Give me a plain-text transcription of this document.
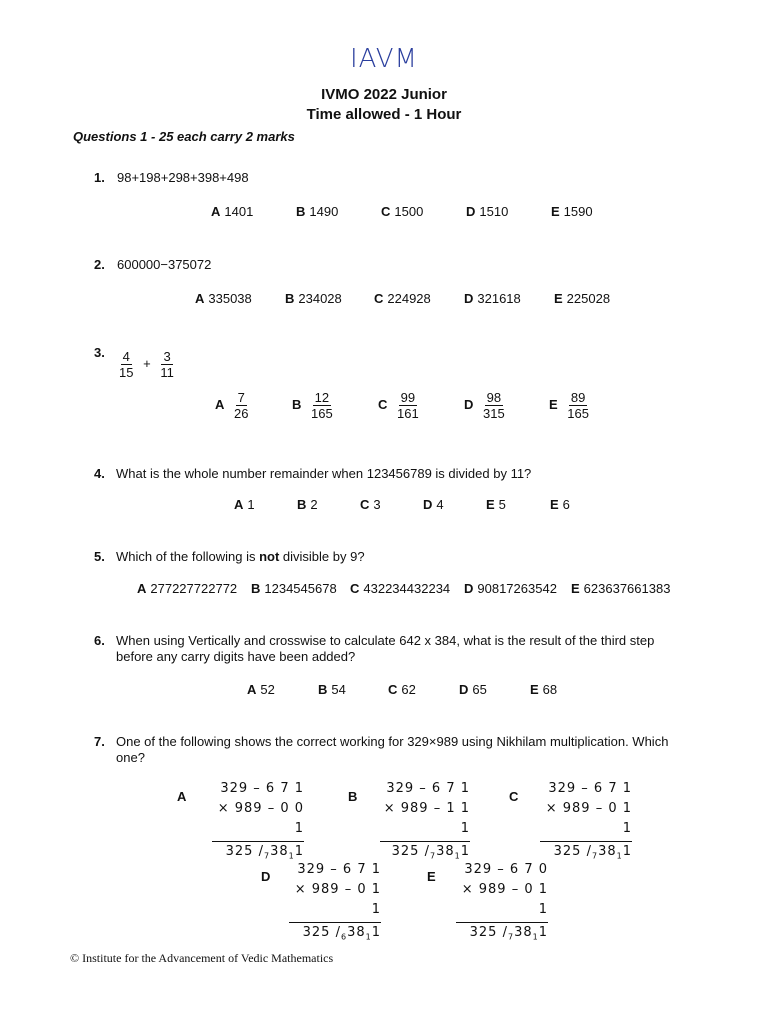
IAVM
IVMO 2022 Junior
Time allowed - 1 Hour
Questions 1 - 25 each carry 2 marks
1. 98+198+298+398+498
A 1401	B 1490	C 1500	D 1510	E 1590
2. 600000−375072
A 335038	B 234028 C 224928	D 321618	E 225028
3. $\frac{4}{15} + \frac{3}{11}$
A $\frac{7}{26}$	B $\frac{12}{165}$	C $\frac{99}{161}$	D $\frac{98}{315}$	E $\frac{89}{165}$
4. What is the whole number remainder when 123456789 is divided by 11?
A 1	B 2	C 3	D 4	E 5	E 6
5. Which of the following is not divisible by 9?
A 277227722772 B 1234545678 C 432234432234 D 90817263542 E 623637661383
6. When using Vertically and crosswise to calculate 642 x 384, what is the result of the third step
before any carry digits have been added?
A 52	B 54	C 62	D 65	E 68
7. One of the following shows the correct working for 329×989 using Nikhilam multiplication. Which
one?
A
329 – 6 7 1
× 989 – 0 0 1
325 $/_738_11$
B
329 – 6 7 1
× 989 – 1 1 1
325 $/_738_11$
C
329 – 6 7 1
× 989 – 0 1 1
325 $/_738_11$
D	329 – 6 7 1
× 989 – 0 1 1
325 $/_638_11$
E	329 – 6 7 0
× 989 – 0 1 1
325 $/_738_11$
© Institute for the Advancement of Vedic Mathematics
